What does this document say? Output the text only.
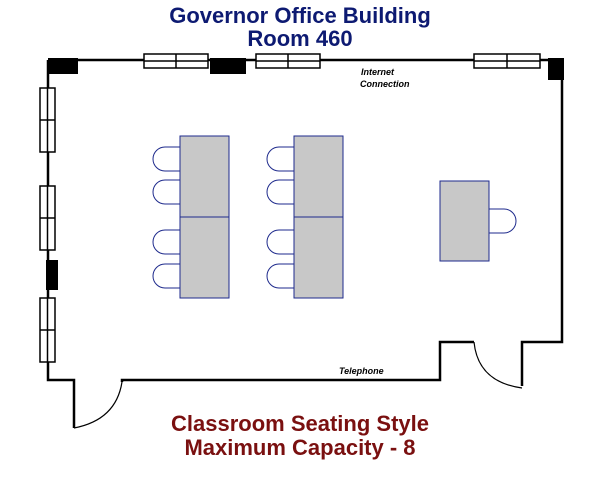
Governor Office Building
Room 460
Internet
Connection
Telephone
Classroom Seating Style
Maximum Capacity - 8
